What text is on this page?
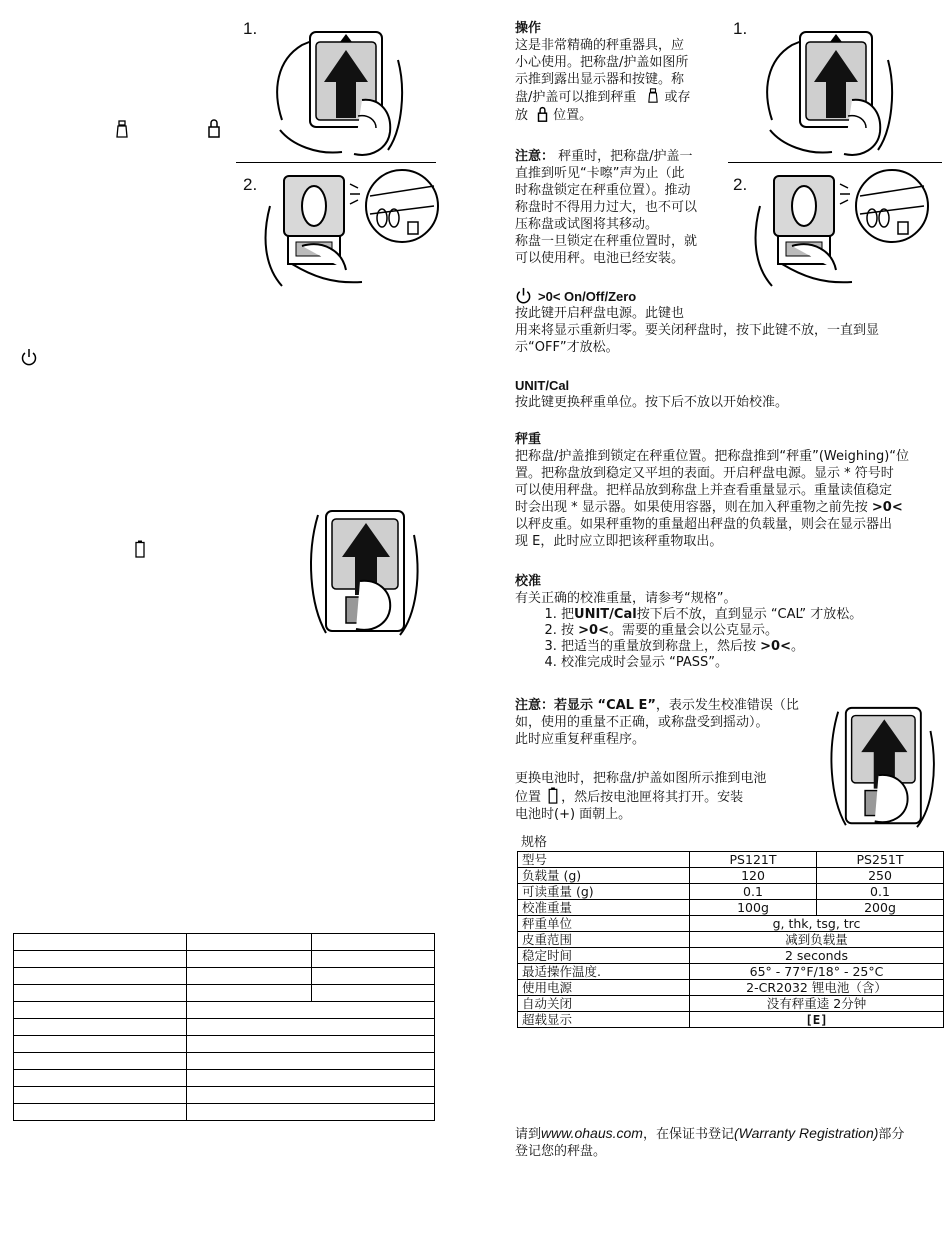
1.
2.

1.
2.
操作

这是非常精确的秤重器具，应

小心使用。把称盘/护盖如图所

示推到露出显示器和按键。称

盘/护盖可以推到秤重 或存

放 位置。

注意： 秤重时，把称盘/护盖一

直推到听见“卡嚓”声为止（此

时称盘锁定在秤重位置）。推动

称盘时不得用力过大，也不可以

压称盘或试图将其移动。

称盘一旦锁定在秤重位置时，就

可以使用秤。电池已经安装。

>0< On/Off/Zero

按此键开启秤盘电源。此键也

用来将显示重新归零。要关闭秤盘时，按下此键不放，一直到显

示“OFF”才放松。

UNIT/Cal

按此键更换秤重单位。按下后不放以开始校准。

秤重

把称盘/护盖推到锁定在秤重位置。把称盘推到“秤重”(Weighing)“位

置。把称盘放到稳定又平坦的表面。开启秤盘电源。显示 * 符号时

可以使用秤盘。把样品放到称盘上并查看重量显示。重量读值稳定

时会出现 * 显示器。如果使用容器，则在加入秤重物之前先按 >0<

以秤皮重。如果秤重物的重量超出秤盘的负载量，则会在显示器出

现 E，此时应立即把该秤重物取出。

校准

有关正确的校准重量，请参考“规格”。

1. 把UNIT/Cal按下后不放，直到显示 “CAL” 才放松。
2. 按 >0<。需要的重量会以公克显示。
3. 把适当的重量放到称盘上，然后按 >0<。
4. 校准完成时会显示 “PASS”。

注意：若显示 “CAL E”，表示发生校准错误（比

如，使用的重量不正确，或称盘受到摇动）。

此时应重复秤重程序。

更换电池时，把称盘/护盖如图所示推到电池

位置 ，然后按电池匣将其打开。安装

电池时(+) 面朝上。

规格
型号	PS121T	PS251T
负载量 (g)	120	250
可读重量 (g)	0.1	0.1
校准重量	100g	200g
秤重单位	g, thk, tsg, trc	
皮重范围	减到负载量	
稳定时间	2 seconds	
最适操作温度.	65° - 77°F/18° - 25°C	
使用电源	2-CR2032 锂电池（含）	
自动关闭	没有秤重逵 2分钟	
超载显示	[E]	

请到www.ohaus.com，在保证书登记(Warranty Registration)部分

登记您的秤盘。
